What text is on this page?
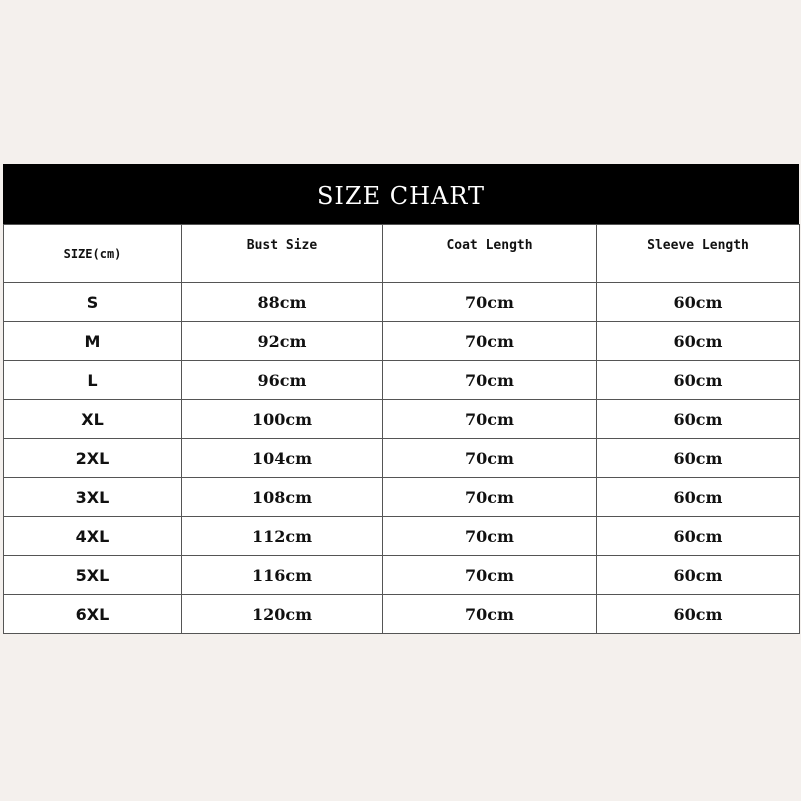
SIZE CHART
SIZE(cm)	Bust Size	Coat Length	Sleeve Length
S	88cm	70cm	60cm
M	92cm	70cm	60cm
L	96cm	70cm	60cm
XL	100cm	70cm	60cm
2XL	104cm	70cm	60cm
3XL	108cm	70cm	60cm
4XL	112cm	70cm	60cm
5XL	116cm	70cm	60cm
6XL	120cm	70cm	60cm
